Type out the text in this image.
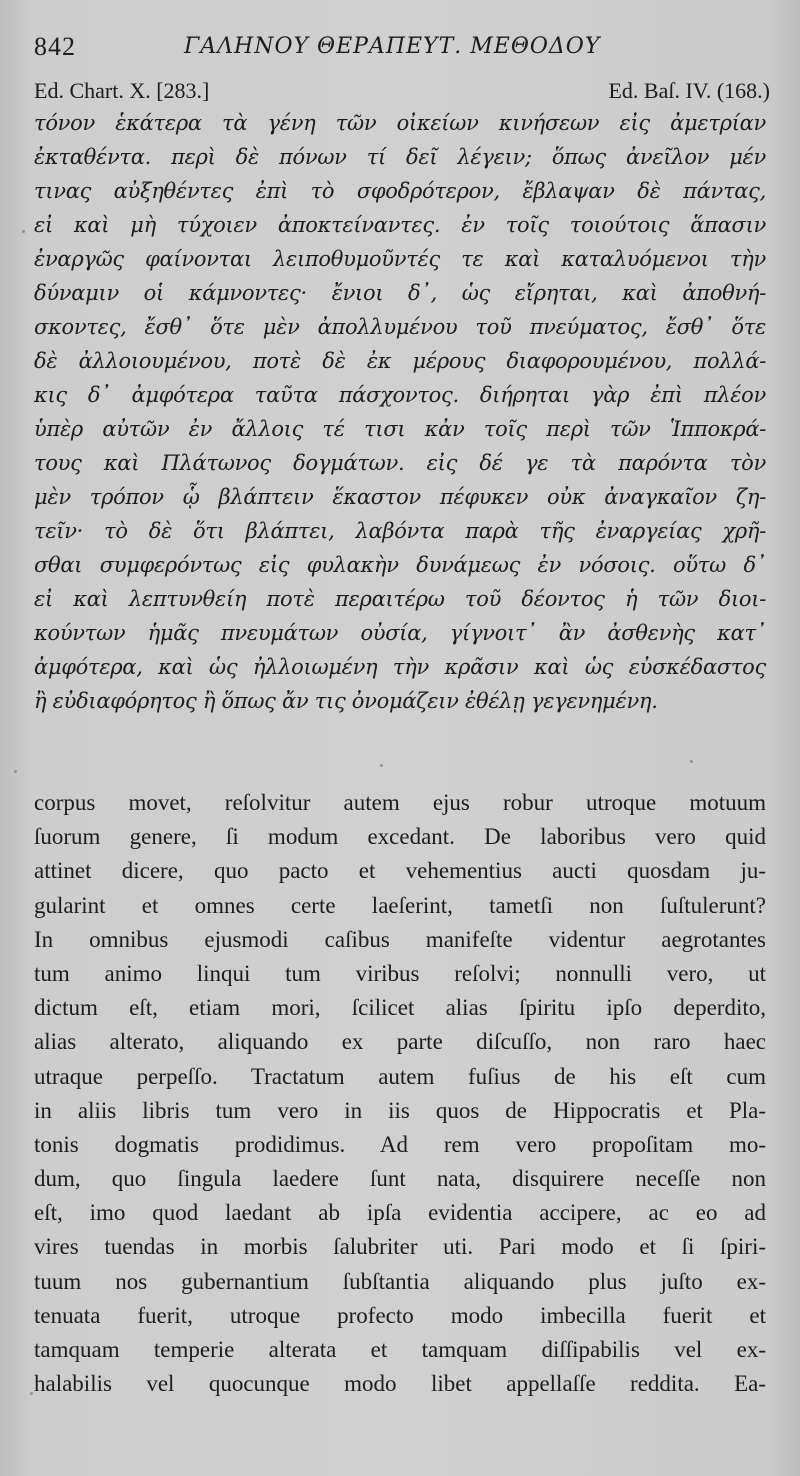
842	ΓΑΛΗΝΟΥ ΘΕΡΑΠΕΥΤ. ΜΕΘΟΔΟΥ
Ed. Chart. X. [283.]	Ed. Baſ. IV. (168.)
τόνον ἑκάτερα τὰ γένη τῶν οἰκείων κινήσεων εἰς ἀμετρίαν
ἐκταθέντα. περὶ δὲ πόνων τί δεῖ λέγειν; ὅπως ἀνεῖλον μέν
τινας αὐξηθέντες ἐπὶ τὸ σφοδρότερον, ἔβλαψαν δὲ πάντας,
εἰ καὶ μὴ τύχοιεν ἀποκτείναντες. ἐν τοῖς τοιούτοις ἅπασιν
ἐναργῶς φαίνονται λειποθυμοῦντές τε καὶ καταλυόμενοι τὴν
δύναμιν οἱ κάμνοντες· ἔνιοι δ᾽, ὡς εἴρηται, καὶ ἀποθνή-
σκοντες, ἔσθ᾽ ὅτε μὲν ἀπολλυμένου τοῦ πνεύματος, ἔσθ᾽ ὅτε
δὲ ἀλλοιουμένου, ποτὲ δὲ ἐκ μέρους διαφορουμένου, πολλά-
κις δ᾽ ἀμφότερα ταῦτα πάσχοντος. διήρηται γὰρ ἐπὶ πλέον
ὑπὲρ αὐτῶν ἐν ἄλλοις τέ τισι κἀν τοῖς περὶ τῶν Ἱπποκρά-
τους καὶ Πλάτωνος δογμάτων. εἰς δέ γε τὰ παρόντα τὸν
μὲν τρόπον ᾧ βλάπτειν ἕκαστον πέφυκεν οὐκ ἀναγκαῖον ζη-
τεῖν· τὸ δὲ ὅτι βλάπτει, λαβόντα παρὰ τῆς ἐναργείας χρῆ-
σθαι συμφερόντως εἰς φυλακὴν δυνάμεως ἐν νόσοις. οὕτω δ᾽
εἰ καὶ λεπτυνθείη ποτὲ περαιτέρω τοῦ δέοντος ἡ τῶν διοι-
κούντων ἡμᾶς πνευμάτων οὐσία, γίγνοιτ᾽ ἂν ἀσθενὴς κατ᾽
ἀμφότερα, καὶ ὡς ἠλλοιωμένη τὴν κρᾶσιν καὶ ὡς εὐσκέδαστος
ἢ εὐδιαφόρητος ἢ ὅπως ἄν τις ὀνομάζειν ἐθέλῃ γεγενημένη.
corpus movet, reſolvitur autem ejus robur utroque motuum
ſuorum genere, ſi modum excedant. De laboribus vero quid
attinet dicere, quo pacto et vehementius aucti quosdam ju-
gularint et omnes certe laeſerint, tametſi non ſuſtulerunt?
In omnibus ejusmodi caſibus manifeſte videntur aegrotantes
tum animo linqui tum viribus reſolvi; nonnulli vero, ut
dictum eſt, etiam mori, ſcilicet alias ſpiritu ipſo deperdito,
alias alterato, aliquando ex parte diſcuſſo, non raro haec
utraque perpeſſo. Tractatum autem fuſius de his eſt cum
in aliis libris tum vero in iis quos de Hippocratis et Pla-
tonis dogmatis prodidimus. Ad rem vero propoſitam mo-
dum, quo ſingula laedere ſunt nata, disquirere neceſſe non
eſt, imo quod laedant ab ipſa evidentia accipere, ac eo ad
vires tuendas in morbis ſalubriter uti. Pari modo et ſi ſpiri-
tuum nos gubernantium ſubſtantia aliquando plus juſto ex-
tenuata fuerit, utroque profecto modo imbecilla fuerit et
tamquam temperie alterata et tamquam diſſipabilis vel ex-
halabilis vel quocunque modo libet appellaſſe reddita. Ea-
